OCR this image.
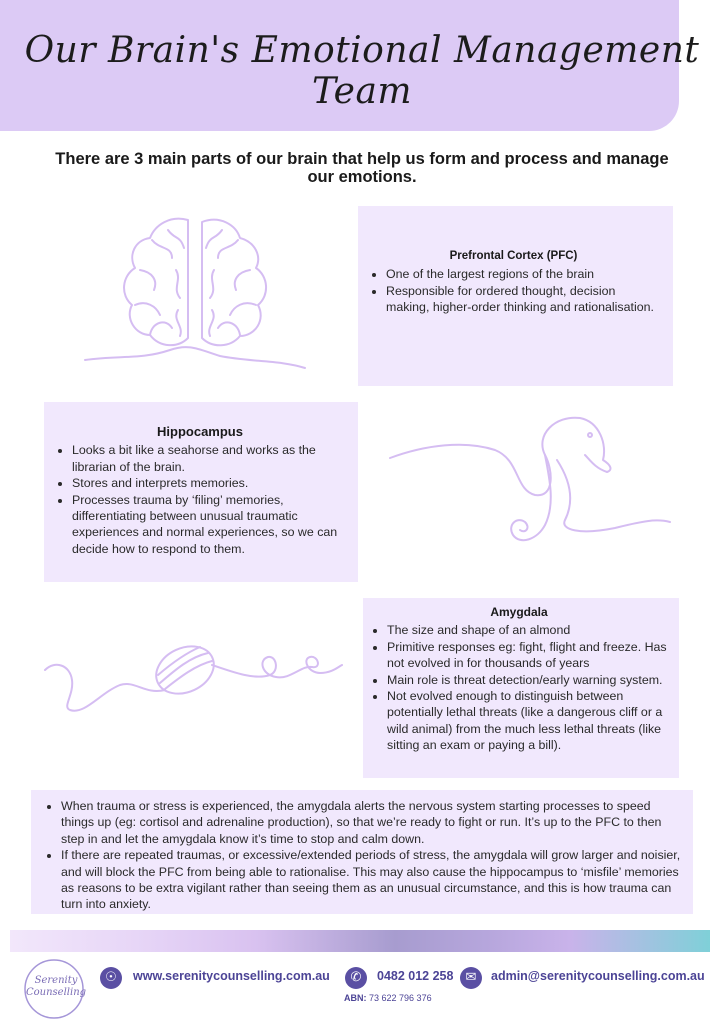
Our Brain's Emotional Management Team
There are 3 main parts of our brain that help us form and process and manage our emotions.
Prefrontal Cortex (PFC)
• One of the largest regions of the brain
• Responsible for ordered thought, decision making, higher-order thinking and rationalisation.
Hippocampus
• Looks a bit like a seahorse and works as the librarian of the brain.
• Stores and interprets memories.
• Processes trauma by ‘filing’ memories, differentiating between unusual traumatic experiences and normal experiences, so we can decide how to respond to them.
Amygdala
• The size and shape of an almond
• Primitive responses eg: fight, flight and freeze. Has not evolved in for thousands of years
• Main role is threat detection/early warning system.
• Not evolved enough to distinguish between potentially lethal threats (like a dangerous cliff or a wild animal) from the much less lethal threats (like sitting an exam or paying a bill).
• When trauma or stress is experienced, the amygdala alerts the nervous system starting processes to speed things up (eg: cortisol and adrenaline production), so that we’re ready to fight or run. It’s up to the PFC to then step in and let the amygdala know it’s time to stop and calm down.
• If there are repeated traumas, or excessive/extended periods of stress, the amygdala will grow larger and noisier, and will block the PFC from being able to rationalise. This may also cause the hippocampus to ‘misfile’ memories as reasons to be extra vigilant rather than seeing them as an unusual circumstance, and this is how trauma can turn into anxiety.
Serenity
Counselling
☉	www.serenitycounselling.com.au	✆	0482 012 258
ABN: 73 622 796 376
✉	admin@serenitycounselling.com.au
